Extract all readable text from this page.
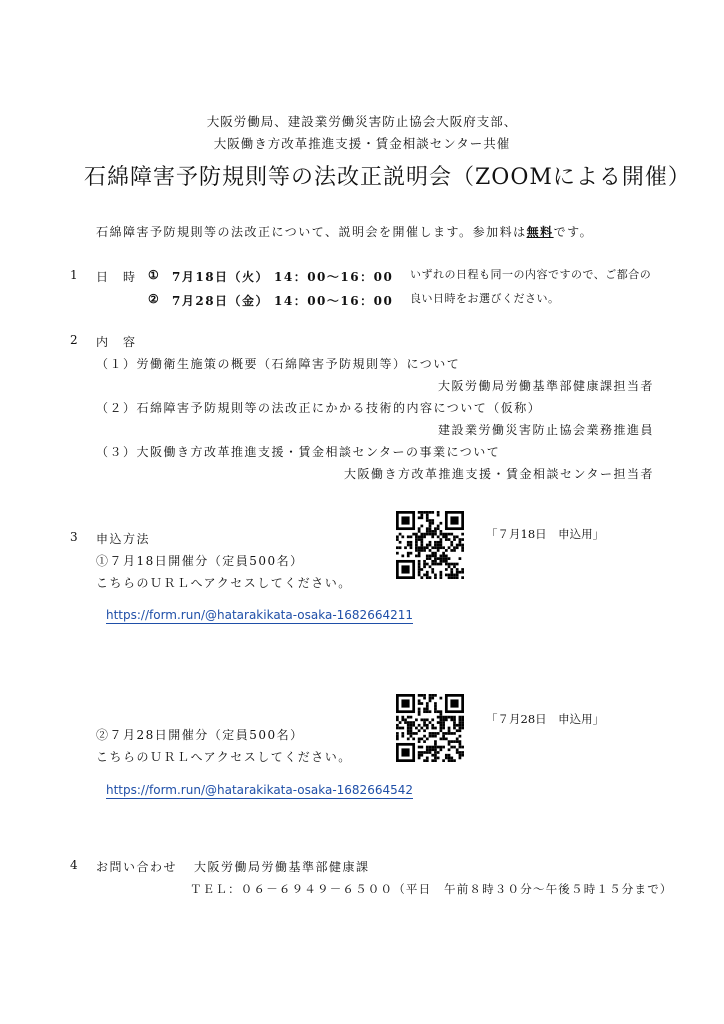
大阪労働局、建設業労働災害防止協会大阪府支部、
大阪働き方改革推進支援・賃金相談センター共催
石綿障害予防規則等の法改正説明会（ZOOMによる開催）
石綿障害予防規則等の法改正について、説明会を開催します。参加料は無料です。
1 日　時 ① 7月18日（火） 14：00～16：00
② 7月28日（金） 14：00～16：00
いずれの日程も同一の内容ですので、ご都合の
良い日時をお選びください。
2 内　容
（１）労働衛生施策の概要（石綿障害予防規則等）について
大阪労働局労働基準部健康課担当者
（２）石綿障害予防規則等の法改正にかかる技術的内容について（仮称）
建設業労働災害防止協会業務推進員
（３）大阪働き方改革推進支援・賃金相談センターの事業について
大阪働き方改革推進支援・賃金相談センター担当者
3 申込方法
①７月18日開催分（定員500名）
こちらのＵＲＬへアクセスしてください。
https://form.run/@hatarakikata-osaka-1682664211
「７月18日　申込用」
②７月28日開催分（定員500名）
こちらのＵＲＬへアクセスしてください。
https://form.run/@hatarakikata-osaka-1682664542
「７月28日　申込用」
4 お問い合わせ 大阪労働局労働基準部健康課
ＴＥＬ：０６－６９４９－６５００（平日　午前８時３０分～午後５時１５分まで）
